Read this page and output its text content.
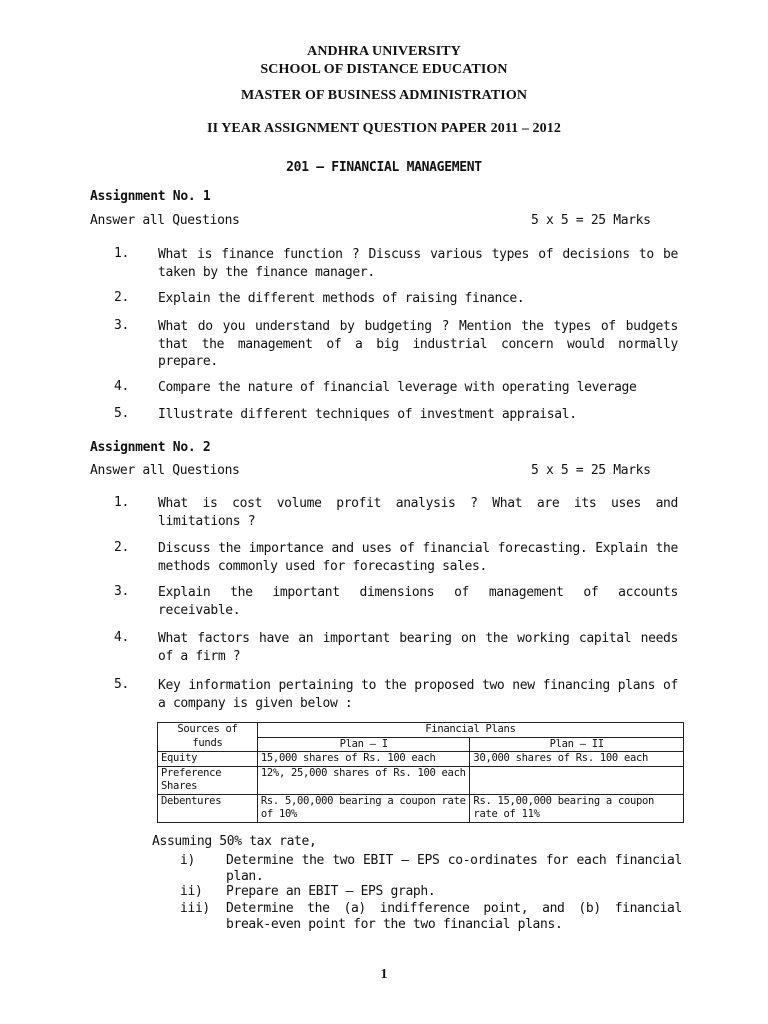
ANDHRA UNIVERSITY
SCHOOL OF DISTANCE EDUCATION
MASTER OF BUSINESS ADMINISTRATION
II YEAR ASSIGNMENT QUESTION PAPER 2011 – 2012
201 – FINANCIAL MANAGEMENT
Assignment No. 1
Answer all Questions	5 x 5 = 25 Marks
1. What is finance function ? Discuss various types of decisions to be taken by the finance manager.
2. Explain the different methods of raising finance.
3. What do you understand by budgeting ? Mention the types of budgets that the management of a big industrial concern would normally prepare.
4. Compare the nature of financial leverage with operating leverage
5. Illustrate different techniques of investment appraisal.
Assignment No. 2
Answer all Questions	5 x 5 = 25 Marks
1. What is cost volume profit analysis ? What are its uses and limitations ?
2. Discuss the importance and uses of financial forecasting. Explain the methods commonly used for forecasting sales.
3. Explain the important dimensions of management of accounts receivable.
4. What factors have an important bearing on the working capital needs of a firm ?
5. Key information pertaining to the proposed two new financing plans of a company is given below :
Sources of funds	Financial Plans	
	Plan – I	Plan – II
Equity	15,000 shares of Rs. 100 each	30,000 shares of Rs. 100 each
Preference Shares	12%, 25,000 shares of Rs. 100 each	
Debentures	Rs. 5,00,000 bearing a coupon rate of 10%	Rs. 15,00,000 bearing a coupon rate of 11%
Assuming 50% tax rate,
i) Determine the two EBIT – EPS co-ordinates for each financial plan.
ii) Prepare an EBIT – EPS graph.
iii) Determine the (a) indifference point, and (b) financial break-even point for the two financial plans.
1
